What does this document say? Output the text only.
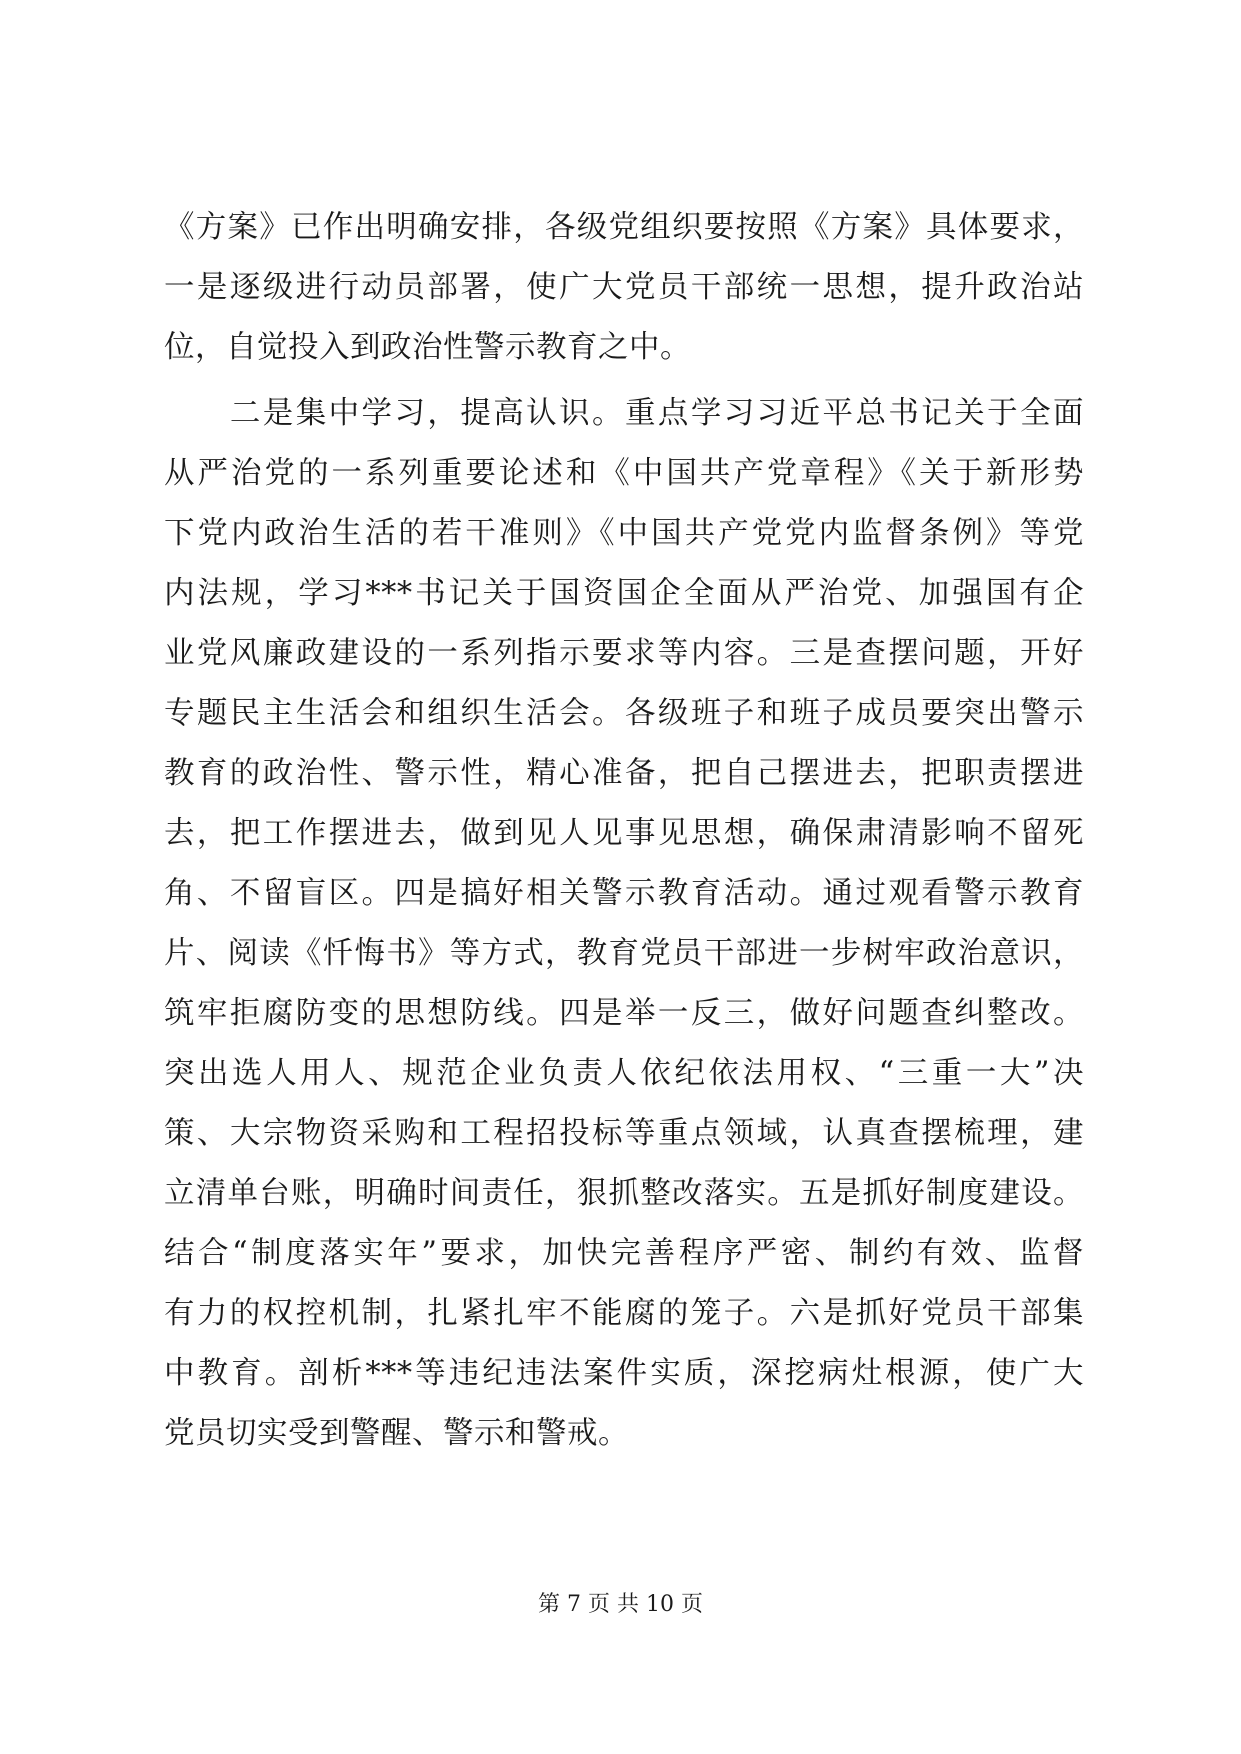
《方案》已作出明确安排，各级党组织要按照《方案》具体要求，
一是逐级进行动员部署，使广大党员干部统一思想，提升政治站
位，自觉投入到政治性警示教育之中。
　　二是集中学习，提高认识。重点学习习近平总书记关于全面
从严治党的一系列重要论述和《中国共产党章程》《关于新形势
下党内政治生活的若干准则》《中国共产党党内监督条例》等党
内法规，学习***书记关于国资国企全面从严治党、加强国有企
业党风廉政建设的一系列指示要求等内容。三是查摆问题，开好
专题民主生活会和组织生活会。各级班子和班子成员要突出警示
教育的政治性、警示性，精心准备，把自己摆进去，把职责摆进
去，把工作摆进去，做到见人见事见思想，确保肃清影响不留死
角、不留盲区。四是搞好相关警示教育活动。通过观看警示教育
片、阅读《忏悔书》等方式，教育党员干部进一步树牢政治意识，
筑牢拒腐防变的思想防线。四是举一反三，做好问题查纠整改。
突出选人用人、规范企业负责人依纪依法用权、“三重一大”决
策、大宗物资采购和工程招投标等重点领域，认真查摆梳理，建
立清单台账，明确时间责任，狠抓整改落实。五是抓好制度建设。
结合“制度落实年”要求，加快完善程序严密、制约有效、监督
有力的权控机制，扎紧扎牢不能腐的笼子。六是抓好党员干部集
中教育。剖析***等违纪违法案件实质，深挖病灶根源，使广大
党员切实受到警醒、警示和警戒。
第 7 页 共 10 页
